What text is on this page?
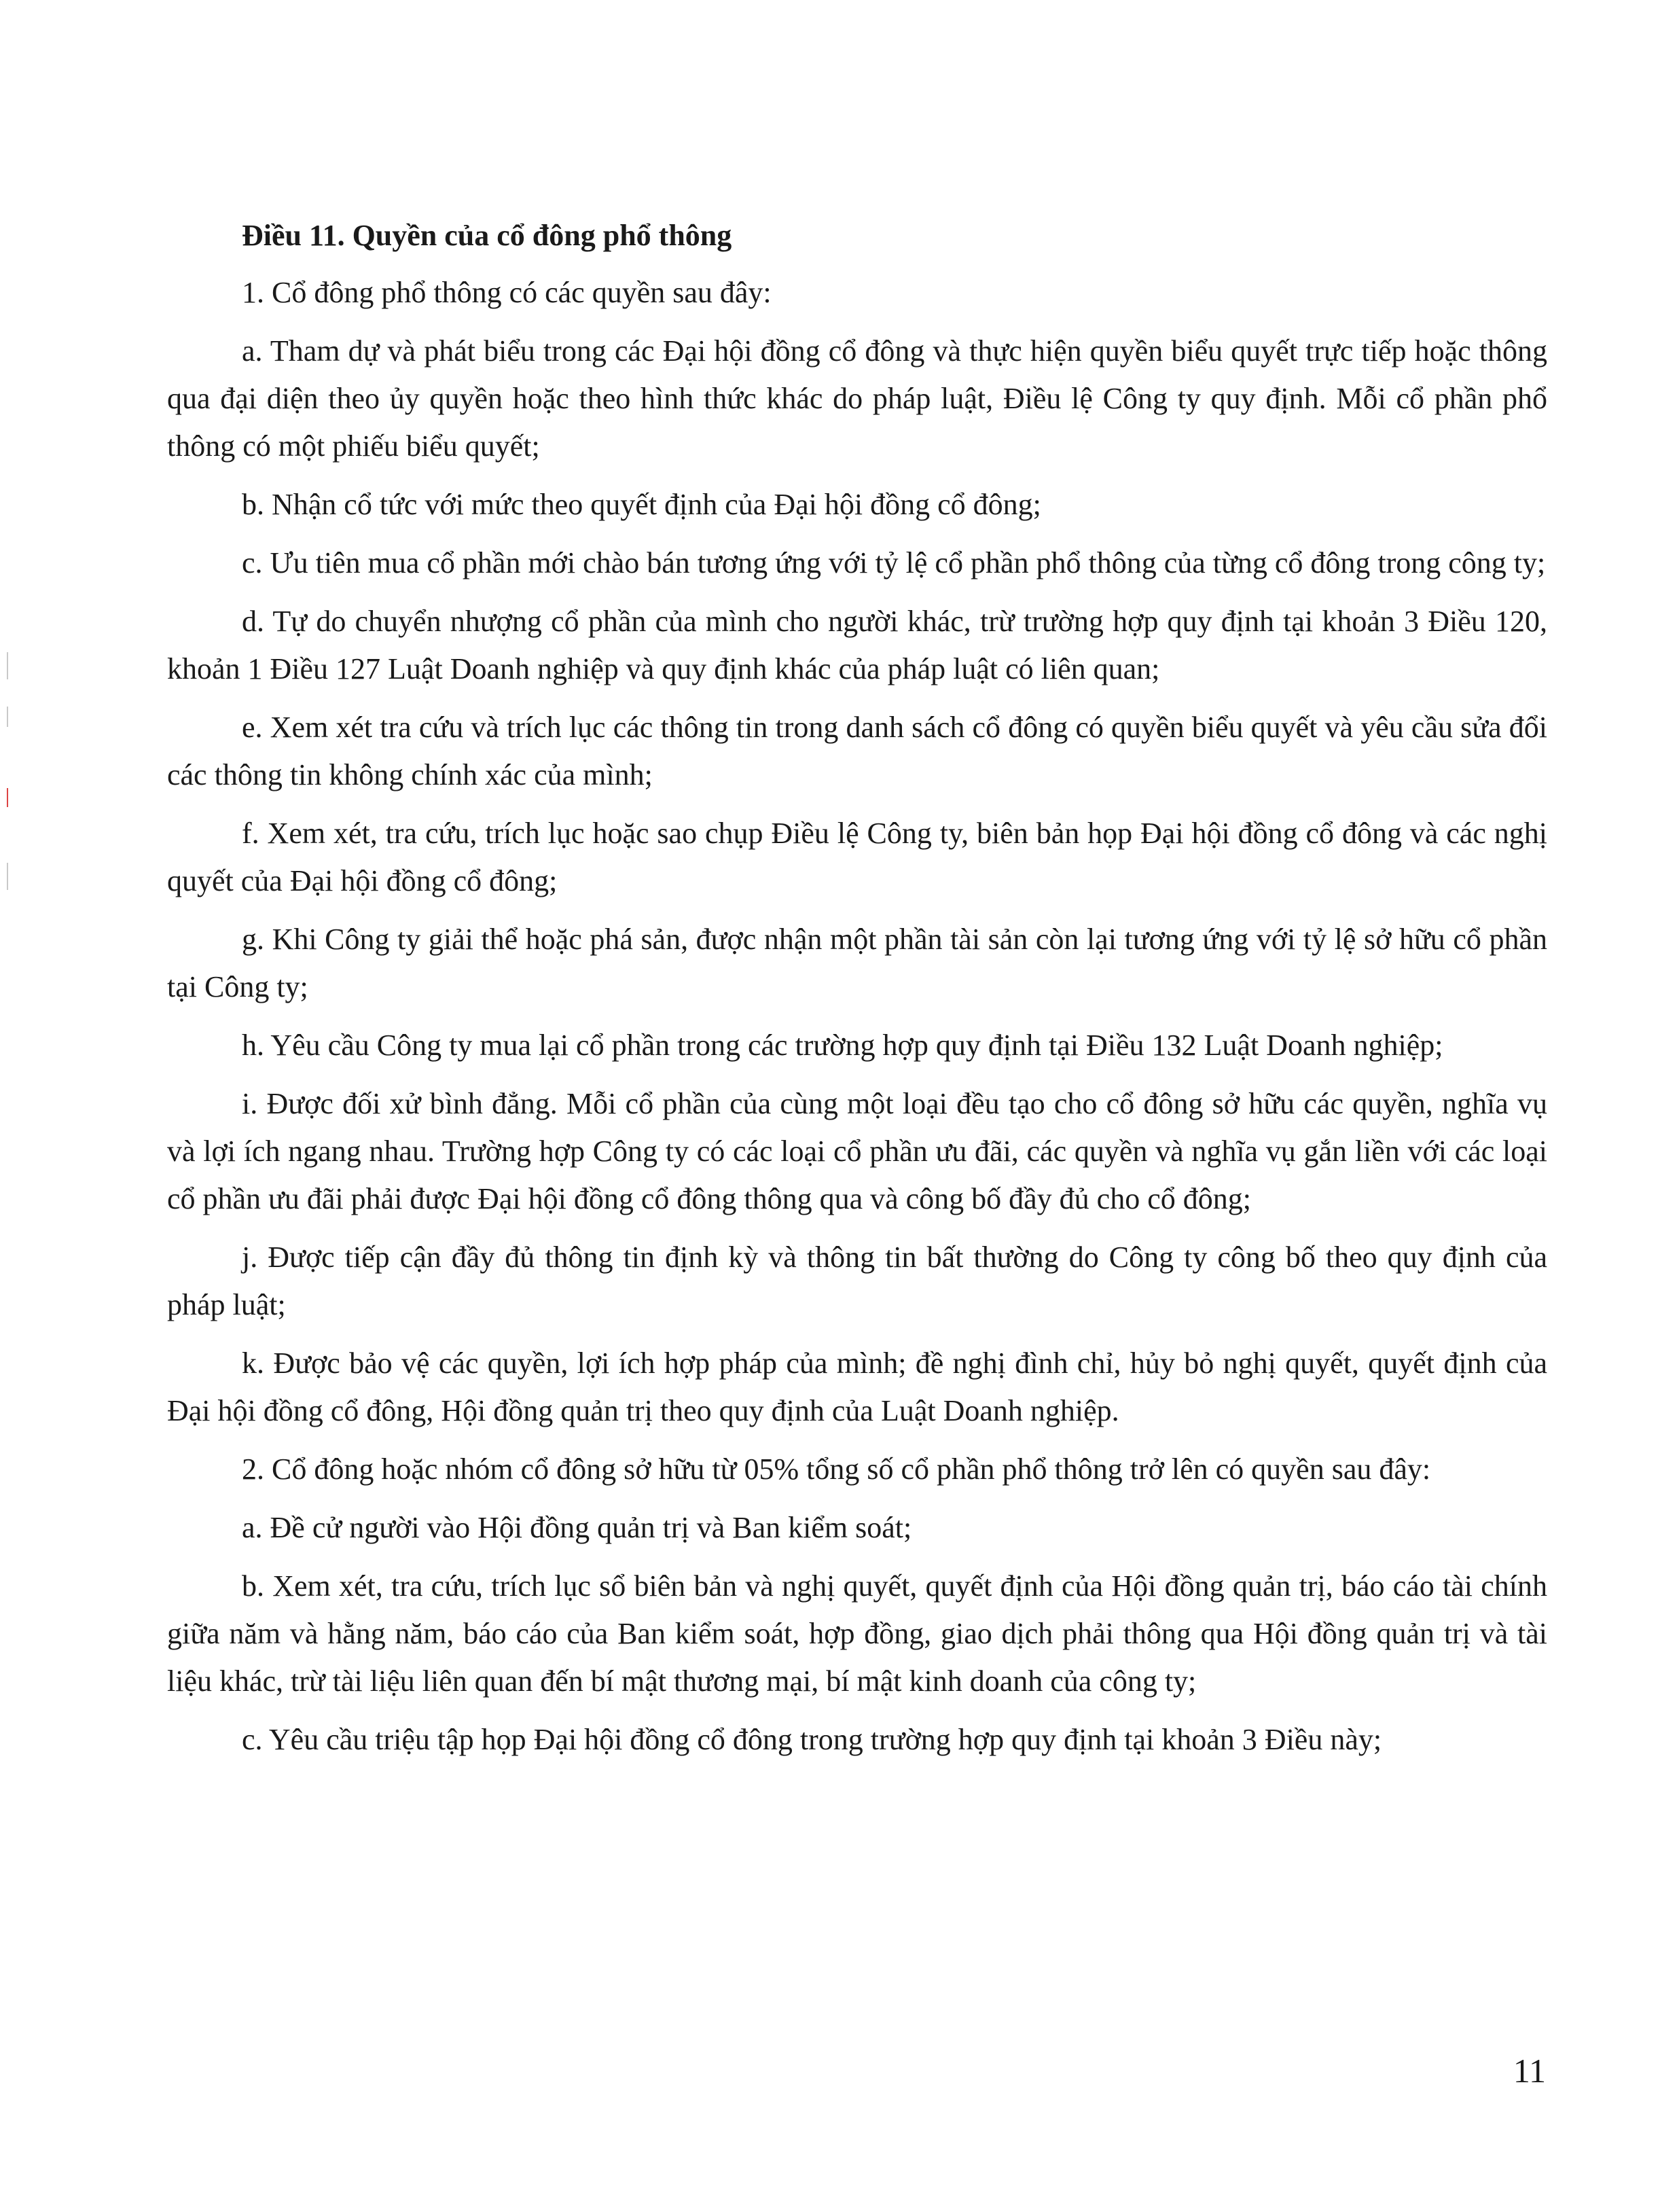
Điều 11. Quyền của cổ đông phổ thông

1. Cổ đông phổ thông có các quyền sau đây:

a. Tham dự và phát biểu trong các Đại hội đồng cổ đông và thực hiện quyền biểu quyết trực tiếp hoặc thông qua đại diện theo ủy quyền hoặc theo hình thức khác do pháp luật, Điều lệ Công ty quy định. Mỗi cổ phần phổ thông có một phiếu biểu quyết;

b. Nhận cổ tức với mức theo quyết định của Đại hội đồng cổ đông;

c. Ưu tiên mua cổ phần mới chào bán tương ứng với tỷ lệ cổ phần phổ thông của từng cổ đông trong công ty;

d. Tự do chuyển nhượng cổ phần của mình cho người khác, trừ trường hợp quy định tại khoản 3 Điều 120, khoản 1 Điều 127 Luật Doanh nghiệp và quy định khác của pháp luật có liên quan;

e. Xem xét tra cứu và trích lục các thông tin trong danh sách cổ đông có quyền biểu quyết và yêu cầu sửa đổi các thông tin không chính xác của mình;

f. Xem xét, tra cứu, trích lục hoặc sao chụp Điều lệ Công ty, biên bản họp Đại hội đồng cổ đông và các nghị quyết của Đại hội đồng cổ đông;

g. Khi Công ty giải thể hoặc phá sản, được nhận một phần tài sản còn lại tương ứng với tỷ lệ sở hữu cổ phần tại Công ty;

h. Yêu cầu Công ty mua lại cổ phần trong các trường hợp quy định tại Điều 132 Luật Doanh nghiệp;

i. Được đối xử bình đẳng. Mỗi cổ phần của cùng một loại đều tạo cho cổ đông sở hữu các quyền, nghĩa vụ và lợi ích ngang nhau. Trường hợp Công ty có các loại cổ phần ưu đãi, các quyền và nghĩa vụ gắn liền với các loại cổ phần ưu đãi phải được Đại hội đồng cổ đông thông qua và công bố đầy đủ cho cổ đông;

j. Được tiếp cận đầy đủ thông tin định kỳ và thông tin bất thường do Công ty công bố theo quy định của pháp luật;

k. Được bảo vệ các quyền, lợi ích hợp pháp của mình; đề nghị đình chỉ, hủy bỏ nghị quyết, quyết định của Đại hội đồng cổ đông, Hội đồng quản trị theo quy định của Luật Doanh nghiệp.

2. Cổ đông hoặc nhóm cổ đông sở hữu từ 05% tổng số cổ phần phổ thông trở lên có quyền sau đây:

a. Đề cử người vào Hội đồng quản trị và Ban kiểm soát;

b. Xem xét, tra cứu, trích lục sổ biên bản và nghị quyết, quyết định của Hội đồng quản trị, báo cáo tài chính giữa năm và hằng năm, báo cáo của Ban kiểm soát, hợp đồng, giao dịch phải thông qua Hội đồng quản trị và tài liệu khác, trừ tài liệu liên quan đến bí mật thương mại, bí mật kinh doanh của công ty;

c. Yêu cầu triệu tập họp Đại hội đồng cổ đông trong trường hợp quy định tại khoản 3 Điều này;

11
